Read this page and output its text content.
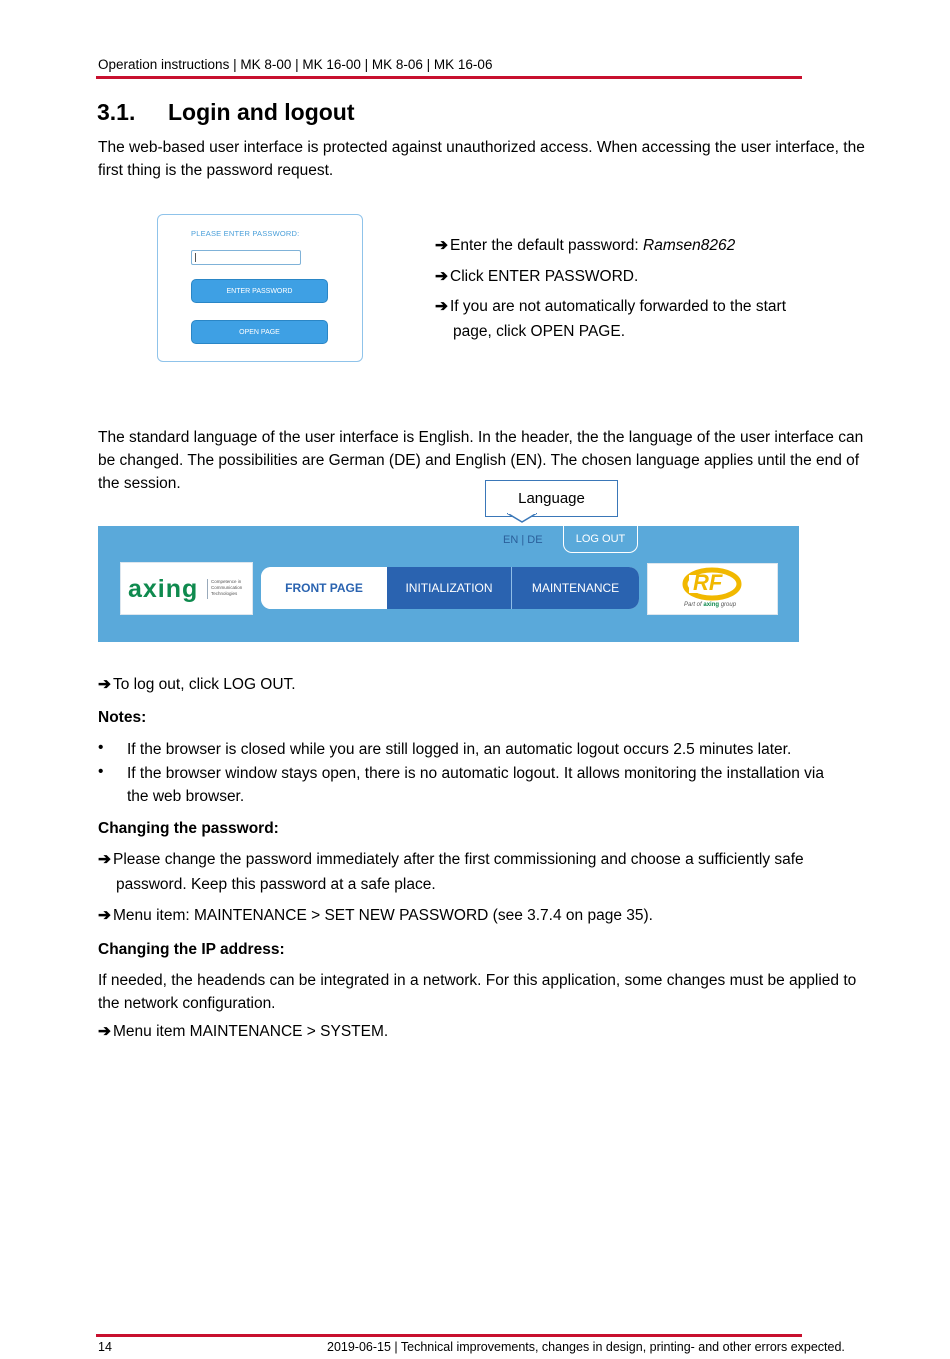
Operation instructions | MK 8-00 | MK 16-00 | MK 8-06 | MK 16-06
3.1. Login and logout
The web-based user interface is protected against unauthorized access. When accessing the user interface, the
first thing is the password request.
PLEASE ENTER PASSWORD:
ENTER PASSWORD
OPEN PAGE
➔ Enter the default password: Ramsen8262
➔ Click ENTER PASSWORD.
➔ If you are not automatically forwarded to the start
page, click OPEN PAGE.
The standard language of the user interface is English. In the header, the the language of the user interface can
be changed. The possibilities are German (DE) and English (EN). The chosen language applies until the end of
the session.
Language
EN | DE	LOG OUT
axing	Competence in
Communication
Technologies	FRONT PAGE	INITIALIZATION	MAINTENANCE	RF
Part of axing group
➔ To log out, click LOG OUT.
Notes:
• If the browser is closed while you are still logged in, an automatic logout occurs 2.5 minutes later.
• If the browser window stays open, there is no automatic logout. It allows monitoring the installation via
the web browser.
Changing the password:
➔ Please change the password immediately after the first commissioning and choose a sufficiently safe
password. Keep this password at a safe place.
➔ Menu item: MAINTENANCE > SET NEW PASSWORD (see 3.7.4 on page 35).
Changing the IP address:
If needed, the headends can be integrated in a network. For this application, some changes must be applied to
the network configuration.
➔ Menu item MAINTENANCE > SYSTEM.
14	2019-06-15 | Technical improvements, changes in design, printing- and other errors expected.
